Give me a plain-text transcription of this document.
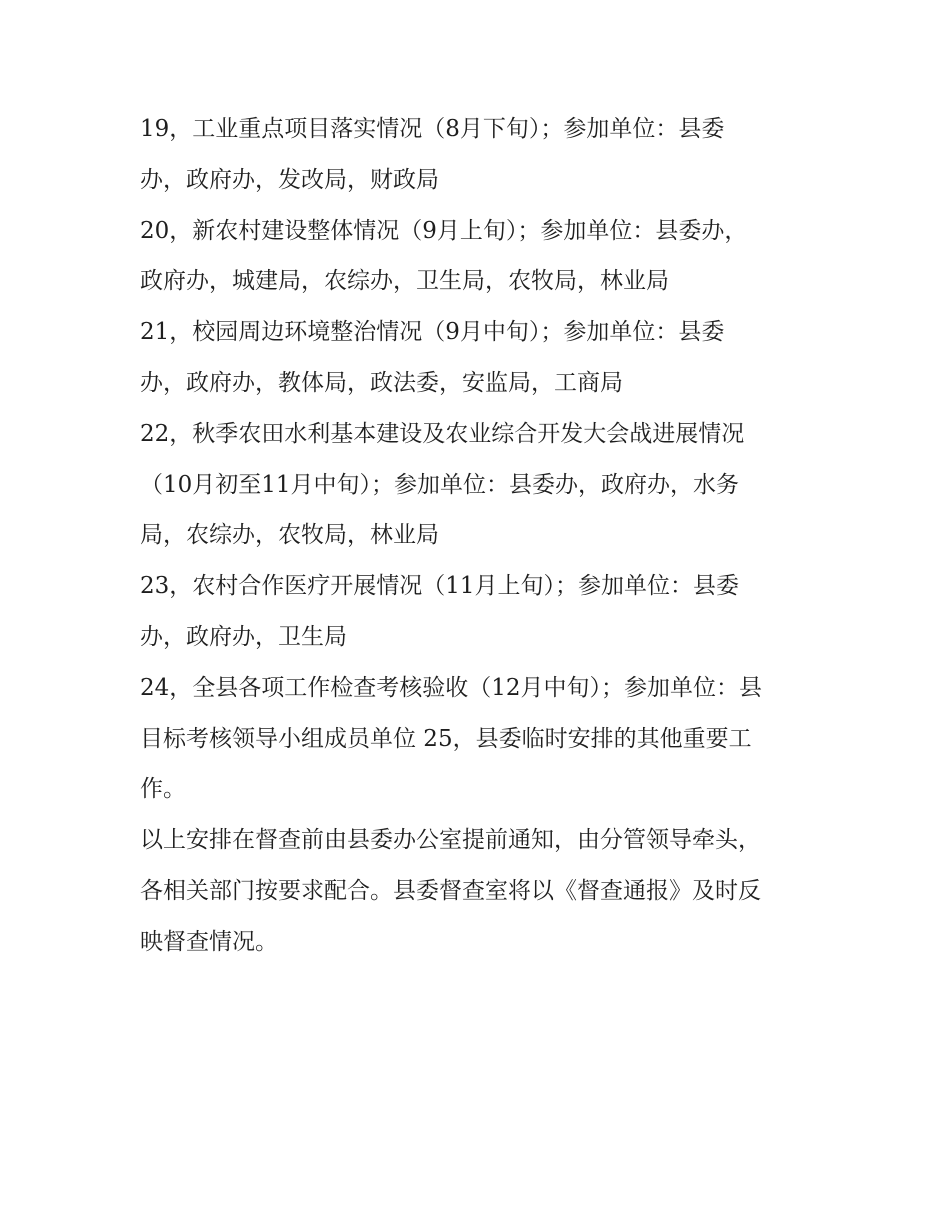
19，工业重点项目落实情况（8月下旬）；参加单位：县委
办，政府办，发改局，财政局
20，新农村建设整体情况（9月上旬）；参加单位：县委办，
政府办，城建局，农综办，卫生局，农牧局，林业局
21，校园周边环境整治情况（9月中旬）；参加单位：县委
办，政府办，教体局，政法委，安监局，工商局
22，秋季农田水利基本建设及农业综合开发大会战进展情况
（10月初至11月中旬）；参加单位：县委办，政府办，水务
局，农综办，农牧局，林业局
23，农村合作医疗开展情况（11月上旬）；参加单位：县委
办，政府办，卫生局
24，全县各项工作检查考核验收（12月中旬）；参加单位：县
目标考核领导小组成员单位 25，县委临时安排的其他重要工
作。
以上安排在督查前由县委办公室提前通知，由分管领导牵头，
各相关部门按要求配合。县委督查室将以《督查通报》及时反
映督查情况。
